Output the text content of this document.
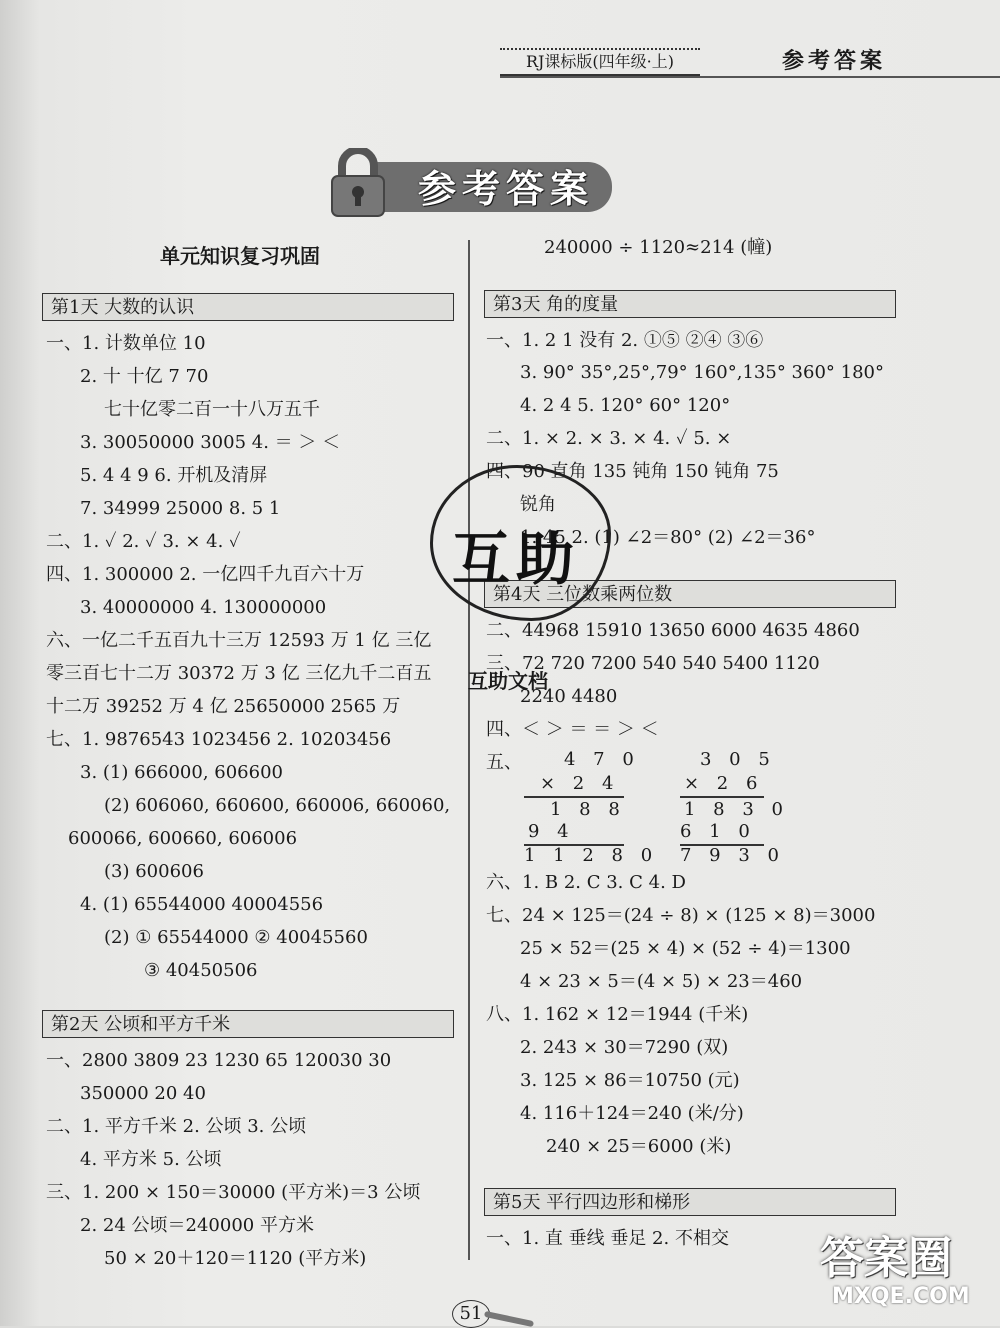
RJ课标版(四年级·上)	参考答案
参考答案
单元知识复习巩固
第1天 大数的认识
一、1. 计数单位 10
2. 十 十亿 7 70
七十亿零二百一十八万五千
3. 30050000 3005 4. ＝ ＞ ＜
5. 4 4 9 6. 开机及清屏
7. 34999 25000 8. 5 1
二、1. ✓ 2. ✓ 3. × 4. ✓
四、1. 300000 2. 一亿四千九百六十万
3. 40000000 4. 130000000
六、一亿二千五百九十三万 12593 万 1 亿 三亿
零三百七十二万 30372 万 3 亿 三亿九千二百五
十二万 39252 万 4 亿 25650000 2565 万
七、1. 9876543 1023456 2. 10203456
3. (1) 666000, 606600
(2) 606060, 660600, 660006, 660060,
600066, 600660, 606006
(3) 600606
4. (1) 65544000 40004556
(2) ① 65544000 ② 40045560
③ 40450506
第2天 公顷和平方千米
一、2800 3809 23 1230 65 120030 30
350000 20 40
二、1. 平方千米 2. 公顷 3. 公顷
4. 平方米 5. 公顷
三、1. 200 × 150＝30000 (平方米)＝3 公顷
2. 24 公顷＝240000 平方米
50 × 20＋120＝1120 (平方米)
240000 ÷ 1120≈214 (幢)
第3天 角的度量
一、1. 2 1 没有 2. ①⑤ ②④ ③⑥
3. 90° 35°,25°,79° 160°,135° 360° 180°
4. 2 4 5. 120° 60° 120°
二、1. × 2. × 3. × 4. ✓ 5. ×
四、90 直角 135 钝角 150 钝角 75
锐角
1. 45 2. (1) ∠2＝80° (2) ∠2＝36°
第4天 三位数乘两位数
二、44968 15910 13650 6000 4635 4860
三、72 720 7200 540 540 5400 1120
2240 4480
四、＜ ＞ ＝ ＝ ＞ ＜
五、 4 7 0
× 2 4
1 8 8
9 4
1 1 2 8 0
3 0 5
× 2 6
1 8 3 0
6 1 0
7 9 3 0
六、1. B 2. C 3. C 4. D
七、24 × 125＝(24 ÷ 8) × (125 × 8)＝3000
25 × 52＝(25 × 4) × (52 ÷ 4)＝1300
4 × 23 × 5＝(4 × 5) × 23＝460
八、1. 162 × 12＝1944 (千米)
2. 243 × 30＝7290 (双)
3. 125 × 86＝10750 (元)
4. 116＋124＝240 (米/分)
240 × 25＝6000 (米)
第5天 平行四边形和梯形
一、1. 直 垂线 垂足 2. 不相交
互助
互助文档
51
答案圈
MXQE.COM
